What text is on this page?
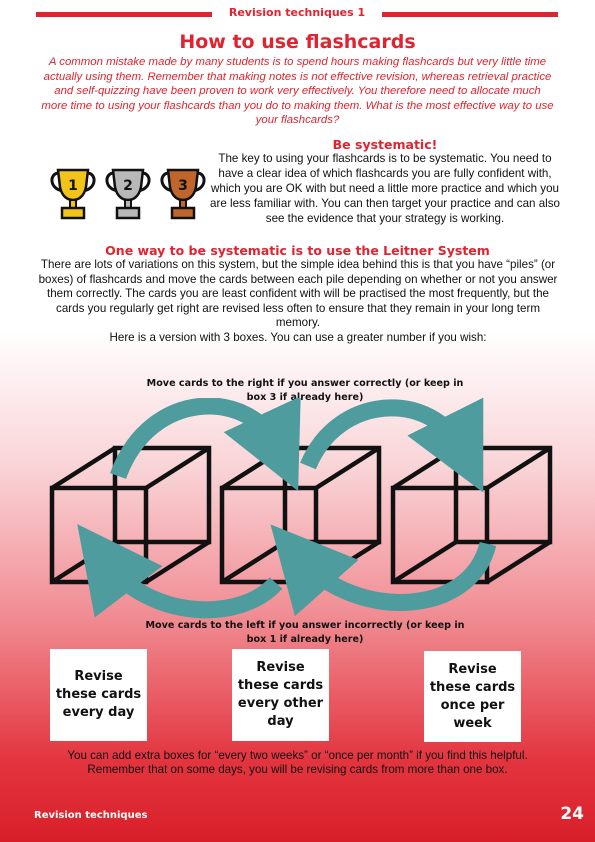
Revision techniques 1
How to use flashcards

A common mistake made by many students is to spend hours making flashcards but very little time actually using them. Remember that making notes is not effective revision, whereas retrieval practice and self-quizzing have been proven to work very effectively. You therefore need to allocate much more time to using your flashcards than you do to making them. What is the most effective way to use your flashcards?

1	2	3
Be systematic!

The key to using your flashcards is to be systematic. You need to have a clear idea of which flashcards you are fully confident with, which you are OK with but need a little more practice and which you are less familiar with. You can then target your practice and can also see the evidence that your strategy is working.

One way to be systematic is to use the Leitner System

There are lots of variations on this system, but the simple idea behind this is that you have “piles” (or boxes) of flashcards and move the cards between each pile depending on whether or not you answer them correctly. The cards you are least confident with will be practised the most frequently, but the cards you regularly get right are revised less often to ensure that they remain in your long term memory.

Here is a version with 3 boxes. You can use a greater number if you wish:

Move cards to the right if you answer correctly (or keep in box 3 if already here)

Move cards to the left if you answer incorrectly (or keep in box 1 if already here)

Revise these cards every day
Revise these cards every other day
Revise these cards once per week

You can add extra boxes for “every two weeks” or “once per month” if you find this helpful.

Remember that on some days, you will be revising cards from more than one box.

Revision techniques	24
